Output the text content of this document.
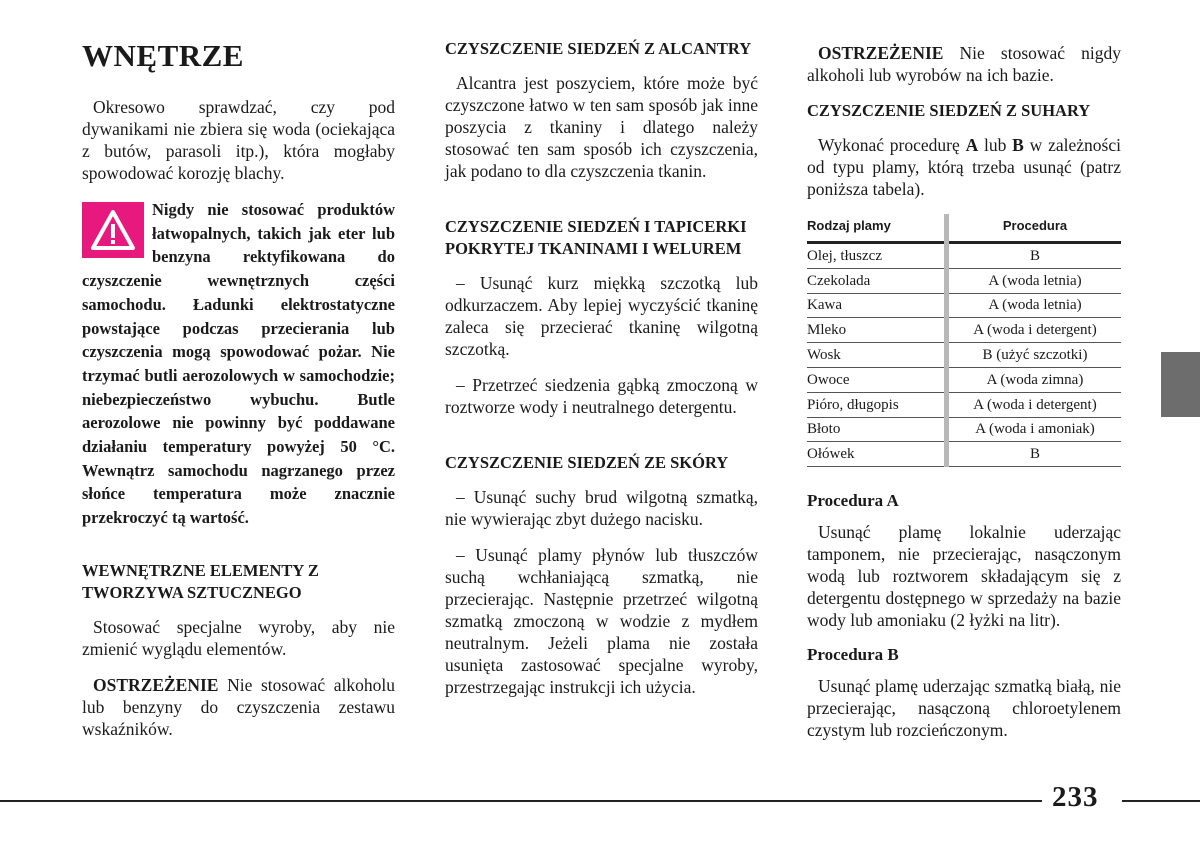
WNĘTRZE

Okresowo sprawdzać, czy pod dywanikami nie zbiera się woda (ociekająca z butów, parasoli itp.), która mogłaby spowodować korozję blachy.

Nigdy nie stosować produktów łatwopalnych, takich jak eter lub benzyna rektyfikowana do czyszczenie wewnętrznych części samochodu. Ładunki elektrostatyczne powstające podczas przecierania lub czyszczenia mogą spowodować pożar. Nie trzymać butli aerozolowych w samochodzie; niebezpieczeństwo wybuchu. Butle aerozolowe nie powinny być poddawane działaniu temperatury powyżej 50 °C. Wewnątrz samochodu nagrzanego przez słońce temperatura może znacznie przekroczyć tą wartość.

WEWNĘTRZNE ELEMENTY Z TWORZYWA SZTUCZNEGO

Stosować specjalne wyroby, aby nie zmienić wyglądu elementów.

OSTRZEŻENIE Nie stosować alkoholu lub benzyny do czyszczenia zestawu wskaźników.

CZYSZCZENIE SIEDZEŃ Z ALCANTRY

Alcantra jest poszyciem, które może być czyszczone łatwo w ten sam sposób jak inne poszycia z tkaniny i dlatego należy stosować ten sam sposób ich czyszczenia, jak podano to dla czyszczenia tkanin.

CZYSZCZENIE SIEDZEŃ I TAPICERKI POKRYTEJ TKANINAMI I WELUREM

– Usunąć kurz miękką szczotką lub odkurzaczem. Aby lepiej wyczyścić tkaninę zaleca się przecierać tkaninę wilgotną szczotką.

– Przetrzeć siedzenia gąbką zmoczoną w roztworze wody i neutralnego detergentu.

CZYSZCZENIE SIEDZEŃ ZE SKÓRY

– Usunąć suchy brud wilgotną szmatką, nie wywierając zbyt dużego nacisku.

– Usunąć plamy płynów lub tłuszczów suchą wchłaniającą szmatką, nie przecierając. Następnie przetrzeć wilgotną szmatką zmoczoną w wodzie z mydłem neutralnym. Jeżeli plama nie została usunięta zastosować specjalne wyroby, przestrzegając instrukcji ich użycia.

OSTRZEŻENIE Nie stosować nigdy alkoholi lub wyrobów na ich bazie.

CZYSZCZENIE SIEDZEŃ Z SUHARY

Wykonać procedurę A lub B w zależności od typu plamy, którą trzeba usunąć (patrz poniższa tabela).

Rodzaj plamy	Procedura
Olej, tłuszcz	B
Czekolada	A (woda letnia)
Kawa	A (woda letnia)
Mleko	A (woda i detergent)
Wosk	B (użyć szczotki)
Owoce	A (woda zimna)
Pióro, długopis	A (woda i detergent)
Błoto	A (woda i amoniak)
Ołówek	B
Procedura A

Usunąć plamę lokalnie uderzając tamponem, nie przecierając, nasączonym wodą lub roztworem składającym się z detergentu dostępnego w sprzedaży na bazie wody lub amoniaku (2 łyżki na litr).

Procedura B

Usunąć plamę uderzając szmatką białą, nie przecierając, nasączoną chloroetylenem czystym lub rozcieńczonym.

233
